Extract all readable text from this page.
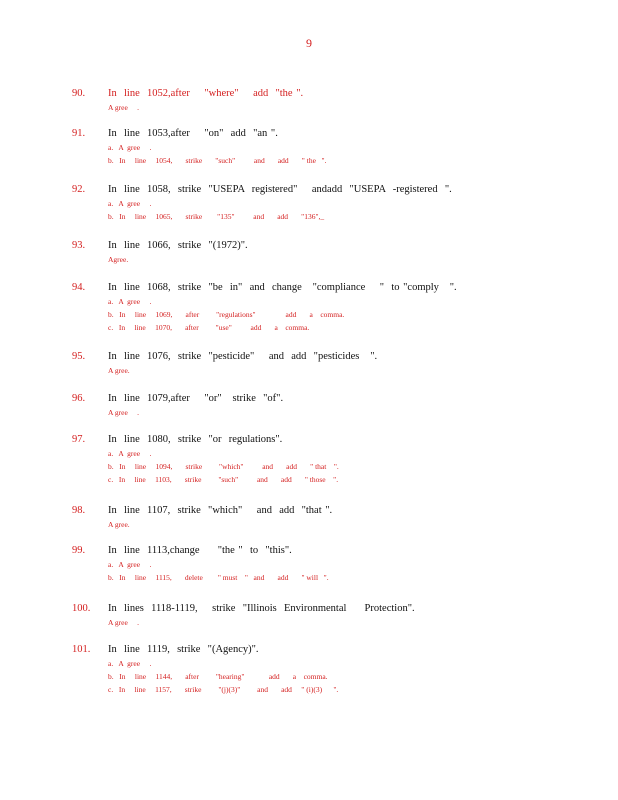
9
90. In  line  1052,after    "where"    add  "the ".
A gree     .
91. In  line  1053,after    "on"  add  "an ".
a.   A  gree     .
b.   In     line     1054,       strike       "such"          and       add       " the   ".
92. In  line  1058,  strike  "USEPA  registered"    andadd  "USEPA  -registered  ".
a.   A  gree     .
b.   In     line     1065,       strike        "135"          and       add       "136",_
93. In  line  1066,  strike  "(1972)".
Agree.
94. In  line  1068,  strike  "be  in"  and  change   "compliance    "  to "comply   ".
a.   A  gree     .
b.   In     line     1069,       after         "regulations"                add       a    comma.
c.   In     line     1070,       after         "use"          add       a    comma.
95. In  line  1076,  strike  "pesticide"    and  add  "pesticides   ".
A gree.
96. In  line  1079,after    "or"   strike  "of".
A gree     .
97. In  line  1080,  strike  "or  regulations".
a.   A  gree     .
b.   In     line     1094,       strike         "which"          and       add       " that    ".
c.   In     line     1103,       strike         "such"          and       add       " those    ".
98. In  line  1107,  strike  "which"    and  add  "that ".
A gree.
99. In  line  1113,change     "the "  to  "this".
a.   A  gree     .
b.   In     line     1115,       delete        " must    "   and       add       " will   ".
100. In  lines  1118-1119,    strike  "Illinois  Environmental     Protection".
A gree     .
101. In  line  1119,  strike  "(Agency)".
a.   A  gree     .
b.   In     line     1144,       after         "hearing"             add       a    comma.
c.   In     line     1157,       strike         "(j)(3)"         and       add     " (i)(3)      ".
